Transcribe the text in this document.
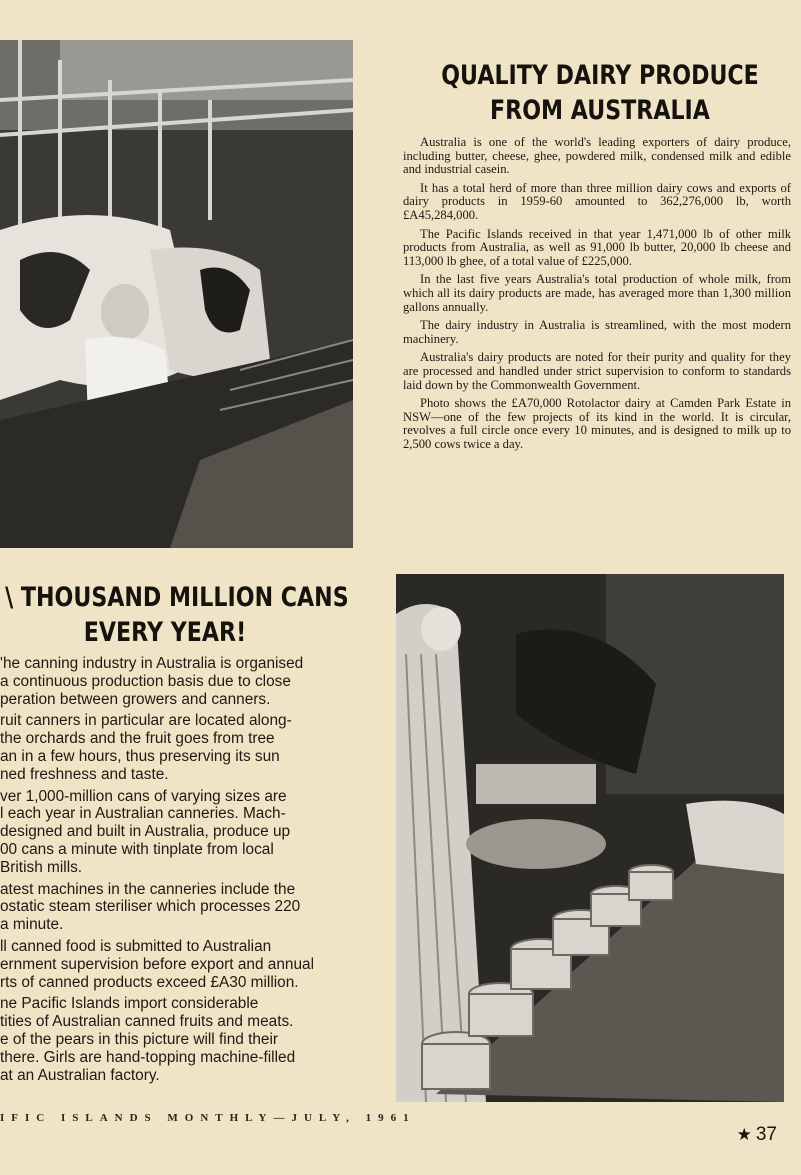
QUALITY DAIRY PRODUCE
FROM AUSTRALIA

Australia is one of the world's leading exporters of dairy produce, including butter, cheese, ghee, powdered milk, condensed milk and edible and industrial casein.

It has a total herd of more than three million dairy cows and exports of dairy products in 1959-60 amounted to 362,276,000 lb, worth £A45,284,000.

The Pacific Islands received in that year 1,471,000 lb of other milk products from Australia, as well as 91,000 lb butter, 20,000 lb cheese and 113,000 lb ghee, of a total value of £225,000.

In the last five years Australia's total production of whole milk, from which all its dairy products are made, has averaged more than 1,300 million gallons annually.

The dairy industry in Australia is streamlined, with the most modern machinery.

Australia's dairy products are noted for their purity and quality for they are processed and handled under strict supervision to conform to standards laid down by the Commonwealth Government.

Photo shows the £A70,000 Rotolactor dairy at Camden Park Estate in NSW—one of the few projects of its kind in the world. It is circular, revolves a full circle once every 10 minutes, and is designed to milk up to 2,500 cows twice a day.

\ THOUSAND MILLION CANS
EVERY YEAR!

'he canning industry in Australia is organised
a continuous production basis due to close
peration between growers and canners.

ruit canners in particular are located along-
the orchards and the fruit goes from tree
an in a few hours, thus preserving its sun
ned freshness and taste.

ver 1,000-million cans of varying sizes are
l each year in Australian canneries. Mach-
designed and built in Australia, produce up
00 cans a minute with tinplate from local
British mills.

atest machines in the canneries include the
ostatic steam steriliser which processes 220
a minute.

ll canned food is submitted to Australian
ernment supervision before export and annual
rts of canned products exceed £A30 million.

ne Pacific Islands import considerable
tities of Australian canned fruits and meats.
e of the pears in this picture will find their
there. Girls are hand-topping machine-filled
at an Australian factory.

IFIC ISLANDS MONTHLY—JULY, 1961
★ 37
